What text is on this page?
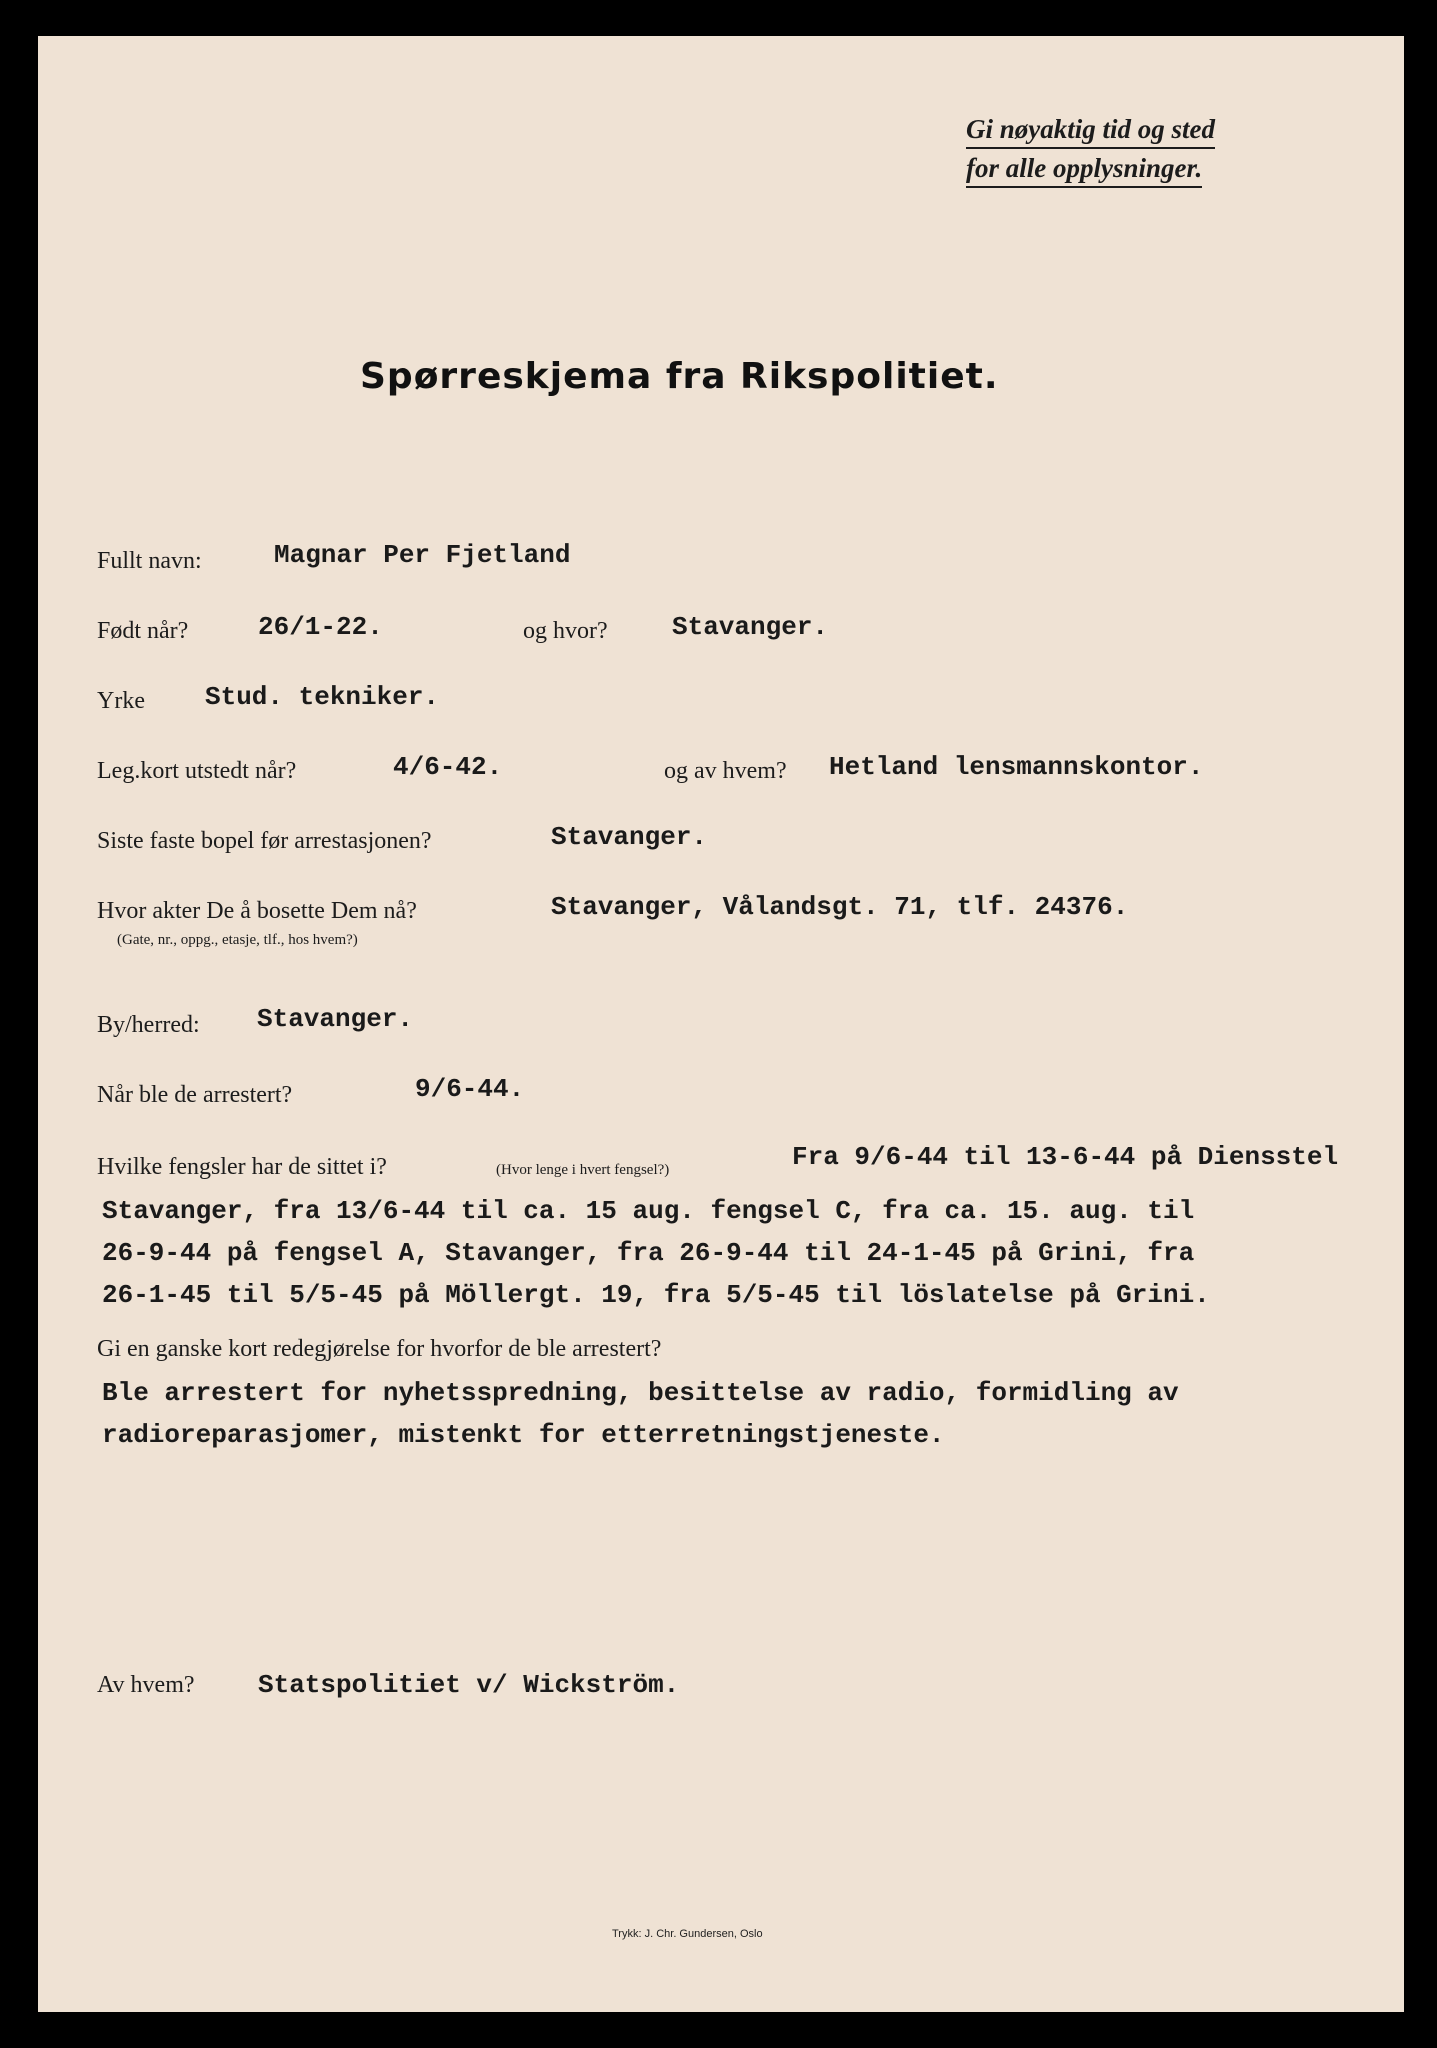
Gi nøyaktig tid og sted
for alle opplysninger.
Spørreskjema fra Rikspolitiet.
Fullt navn:	Magnar Per Fjetland
Født når?	26/1-22.	og hvor? Stavanger.
Yrke Stud. tekniker.
Leg.kort utstedt når?	4/6-42.	og av hvem? Hetland lensmannskontor.
Siste faste bopel før arrestasjonen?	Stavanger.
Hvor akter De å bosette Dem nå?
(Gate, nr., oppg., etasje, tlf., hos hvem?)
Stavanger, Vålandsgt. 71, tlf. 24376.
By/herred: Stavanger.
Når ble de arrestert?	9/6-44.
Hvilke fengsler har de sittet i?	(Hvor lenge i hvert fengsel?)	Fra 9/6-44 til 13-6-44 på Diensstel
Stavanger, fra 13/6-44 til ca. 15 aug. fengsel C, fra ca. 15. aug. til
26-9-44 på fengsel A, Stavanger, fra 26-9-44 til 24-1-45 på Grini, fra
26-1-45 til 5/5-45 på Möllergt. 19, fra 5/5-45 til löslatelse på Grini.
Gi en ganske kort redegjørelse for hvorfor de ble arrestert?
Ble arrestert for nyhetsspredning, besittelse av radio, formidling av
radioreparasjomer, mistenkt for etterretningstjeneste.
Av hvem? Statspolitiet v/ Wickström.
Trykk: J. Chr. Gundersen, Oslo
